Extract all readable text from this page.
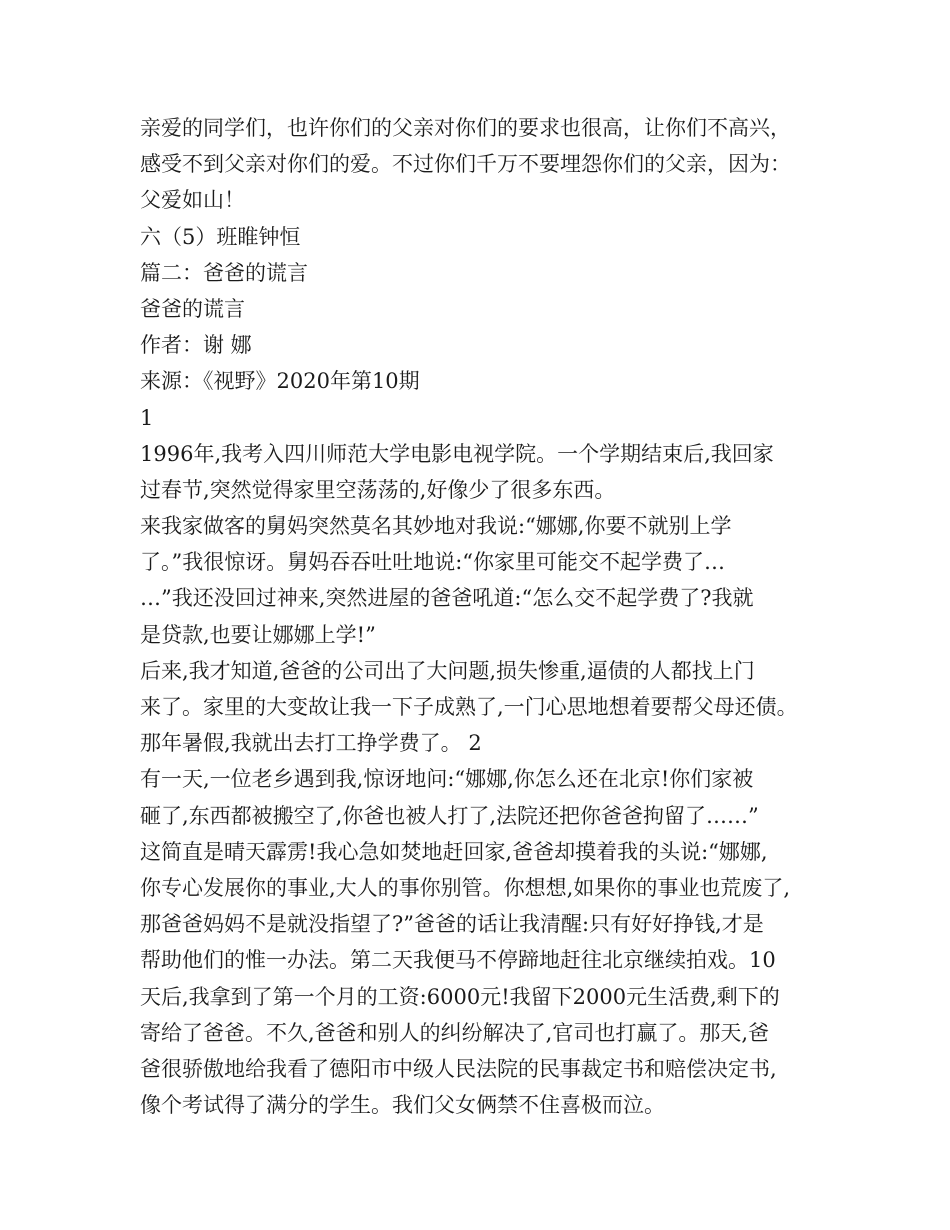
亲爱的同学们，也许你们的父亲对你们的要求也很高，让你们不高兴，
感受不到父亲对你们的爱。不过你们千万不要埋怨你们的父亲，因为：
父爱如山！
六（5）班睢钟恒
篇二：爸爸的谎言
爸爸的谎言
作者：谢 娜
来源：《视野》2020年第10期
1
1996年,我考入四川师范大学电影电视学院。一个学期结束后,我回家
过春节,突然觉得家里空荡荡的,好像少了很多东西。
来我家做客的舅妈突然莫名其妙地对我说:“娜娜,你要不就别上学
了。”我很惊讶。舅妈吞吞吐吐地说:“你家里可能交不起学费了…
…”我还没回过神来,突然进屋的爸爸吼道:“怎么交不起学费了?我就
是贷款,也要让娜娜上学!”
后来,我才知道,爸爸的公司出了大问题,损失惨重,逼债的人都找上门
来了。家里的大变故让我一下子成熟了,一门心思地想着要帮父母还债。
那年暑假,我就出去打工挣学费了。 2
有一天,一位老乡遇到我,惊讶地问:“娜娜,你怎么还在北京!你们家被
砸了,东西都被搬空了,你爸也被人打了,法院还把你爸爸拘留了……”
这简直是晴天霹雳!我心急如焚地赶回家,爸爸却摸着我的头说:“娜娜,
你专心发展你的事业,大人的事你别管。你想想,如果你的事业也荒废了,
那爸爸妈妈不是就没指望了?”爸爸的话让我清醒:只有好好挣钱,才是
帮助他们的惟一办法。第二天我便马不停蹄地赶往北京继续拍戏。10
天后,我拿到了第一个月的工资:6000元!我留下2000元生活费,剩下的
寄给了爸爸。不久,爸爸和别人的纠纷解决了,官司也打赢了。那天,爸
爸很骄傲地给我看了德阳市中级人民法院的民事裁定书和赔偿决定书,
像个考试得了满分的学生。我们父女俩禁不住喜极而泣。
